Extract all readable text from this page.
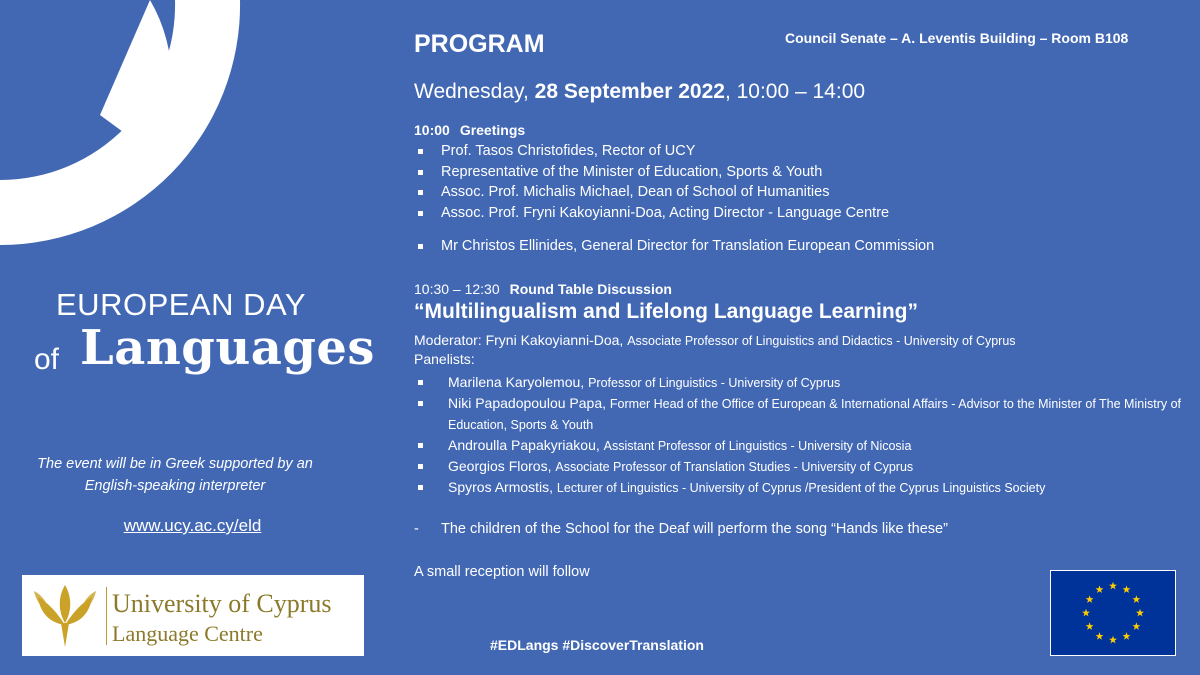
EUROPEAN DAY
of Languages
The event will be in Greek supported by an English-speaking interpreter
www.ucy.ac.cy/eld
University of Cyprus
Language Centre
PROGRAM	Council Senate – A. Leventis Building – Room B108
Wednesday, 28 September 2022, 10:00 – 14:00
10:00 Greetings
Prof. Tasos Christofides, Rector of UCY
Representative of the Minister of Education, Sports & Youth
Assoc. Prof. Michalis Michael, Dean of School of Humanities
Assoc. Prof. Fryni Kakoyianni-Doa, Acting Director - Language Centre
Mr Christos Ellinides, General Director for Translation European Commission
10:30 – 12:30 Round Table Discussion
“Multilingualism and Lifelong Language Learning”
Moderator: Fryni Kakoyianni-Doa, Associate Professor of Linguistics and Didactics - University of Cyprus
Panelists:
Marilena Karyolemou, Professor of Linguistics - University of Cyprus
Niki Papadopoulou Papa, Former Head of the Office of European & International Affairs - Advisor to the Minister of The Ministry of Education, Sports & Youth
Androulla Papakyriakou, Assistant Professor of Linguistics - University of Nicosia
Georgios Floros, Associate Professor of Translation Studies - University of Cyprus
Spyros Armostis, Lecturer of Linguistics - University of Cyprus /President of the Cyprus Linguistics Society
- The children of the School for the Deaf will perform the song “Hands like these”
A small reception will follow
#EDLangs #DiscoverTranslation
